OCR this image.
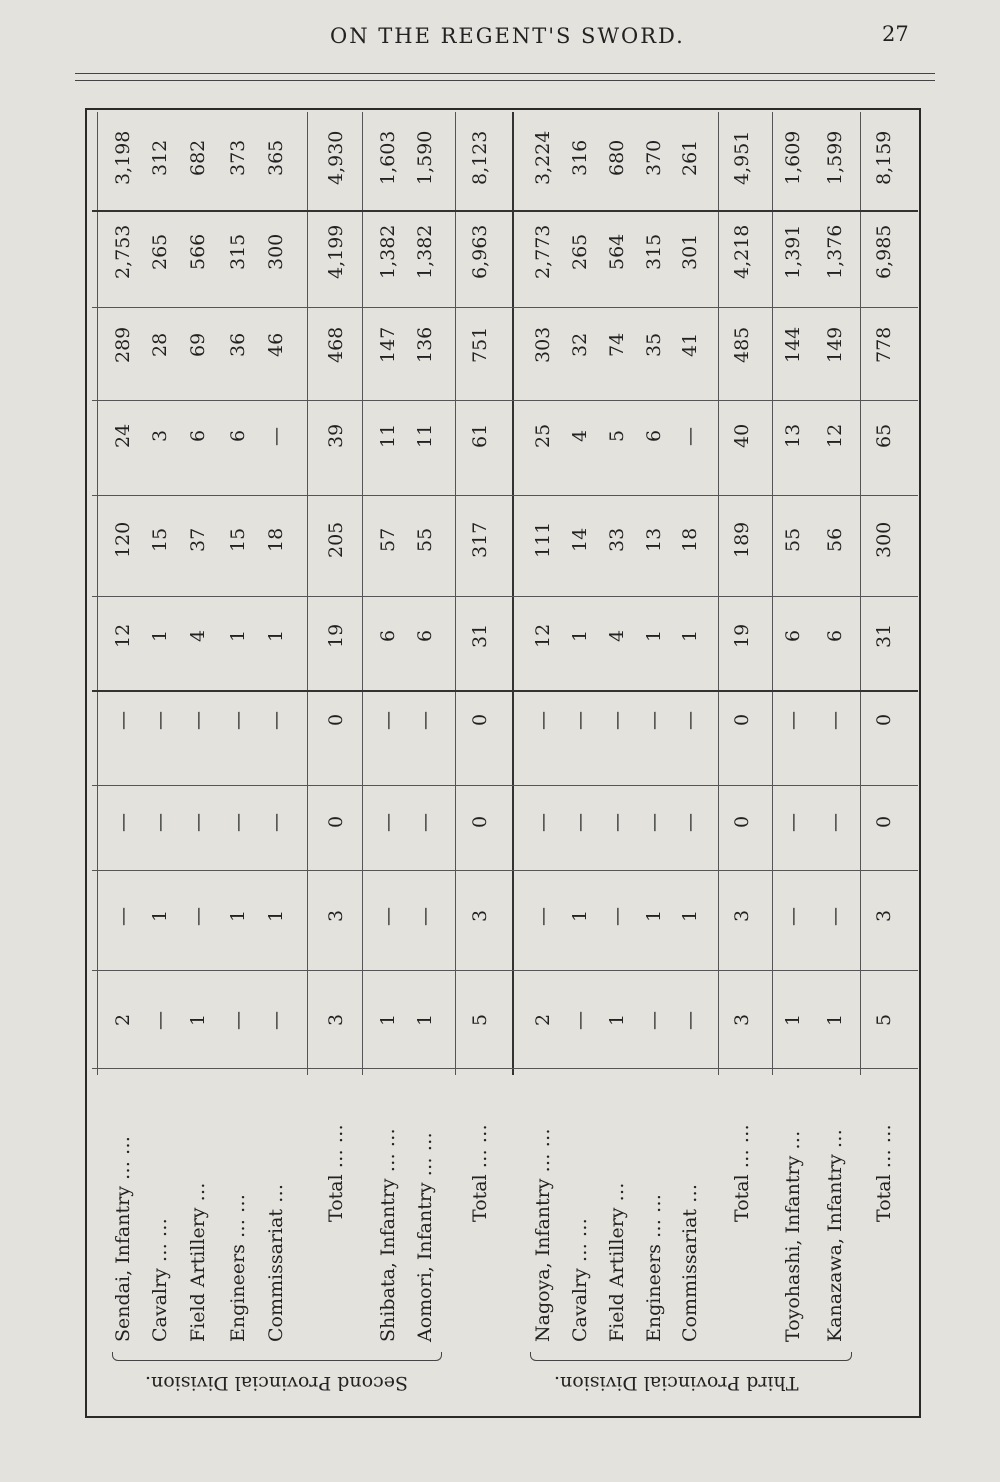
ON THE REGENT'S SWORD.	27
Sendai, Infantry … …
2
—
—
—
12
120
24
289
2,753
3,198
Cavalry … …
—
1
—
—
1
15
3
28
265
312
Field Artillery …
1
—
—
—
4
37
6
69
566
682
Engineers … …
—
1
—
—
1
15
6
36
315
373
Commissariat …
—
1
—
—
1
18
—
46
300
365
Total … …
3
3
0
0
19
205
39
468
4,199
4,930
Shibata, Infantry … …
1
—
—
—
6
57
11
147
1,382
1,603
Aomori, Infantry … …
1
—
—
—
6
55
11
136
1,382
1,590
Total … …
5
3
0
0
31
317
61
751
6,963
8,123
Second Provincial Division.
Nagoya, Infantry … …
2
—
—
—
12
111
25
303
2,773
3,224
Cavalry … …
—
1
—
—
1
14
4
32
265
316
Field Artillery …
1
—
—
—
4
33
5
74
564
680
Engineers … …
—
1
—
—
1
13
6
35
315
370
Commissariat …
—
1
—
—
1
18
—
41
301
261
Total … …
3
3
0
0
19
189
40
485
4,218
4,951
Toyohashi, Infantry …
1
—
—
—
6
55
13
144
1,391
1,609
Kanazawa, Infantry …
1
—
—
—
6
56
12
149
1,376
1,599
Total … …
5
3
0
0
31
300
65
778
6,985
8,159
Third Provincial Division.
